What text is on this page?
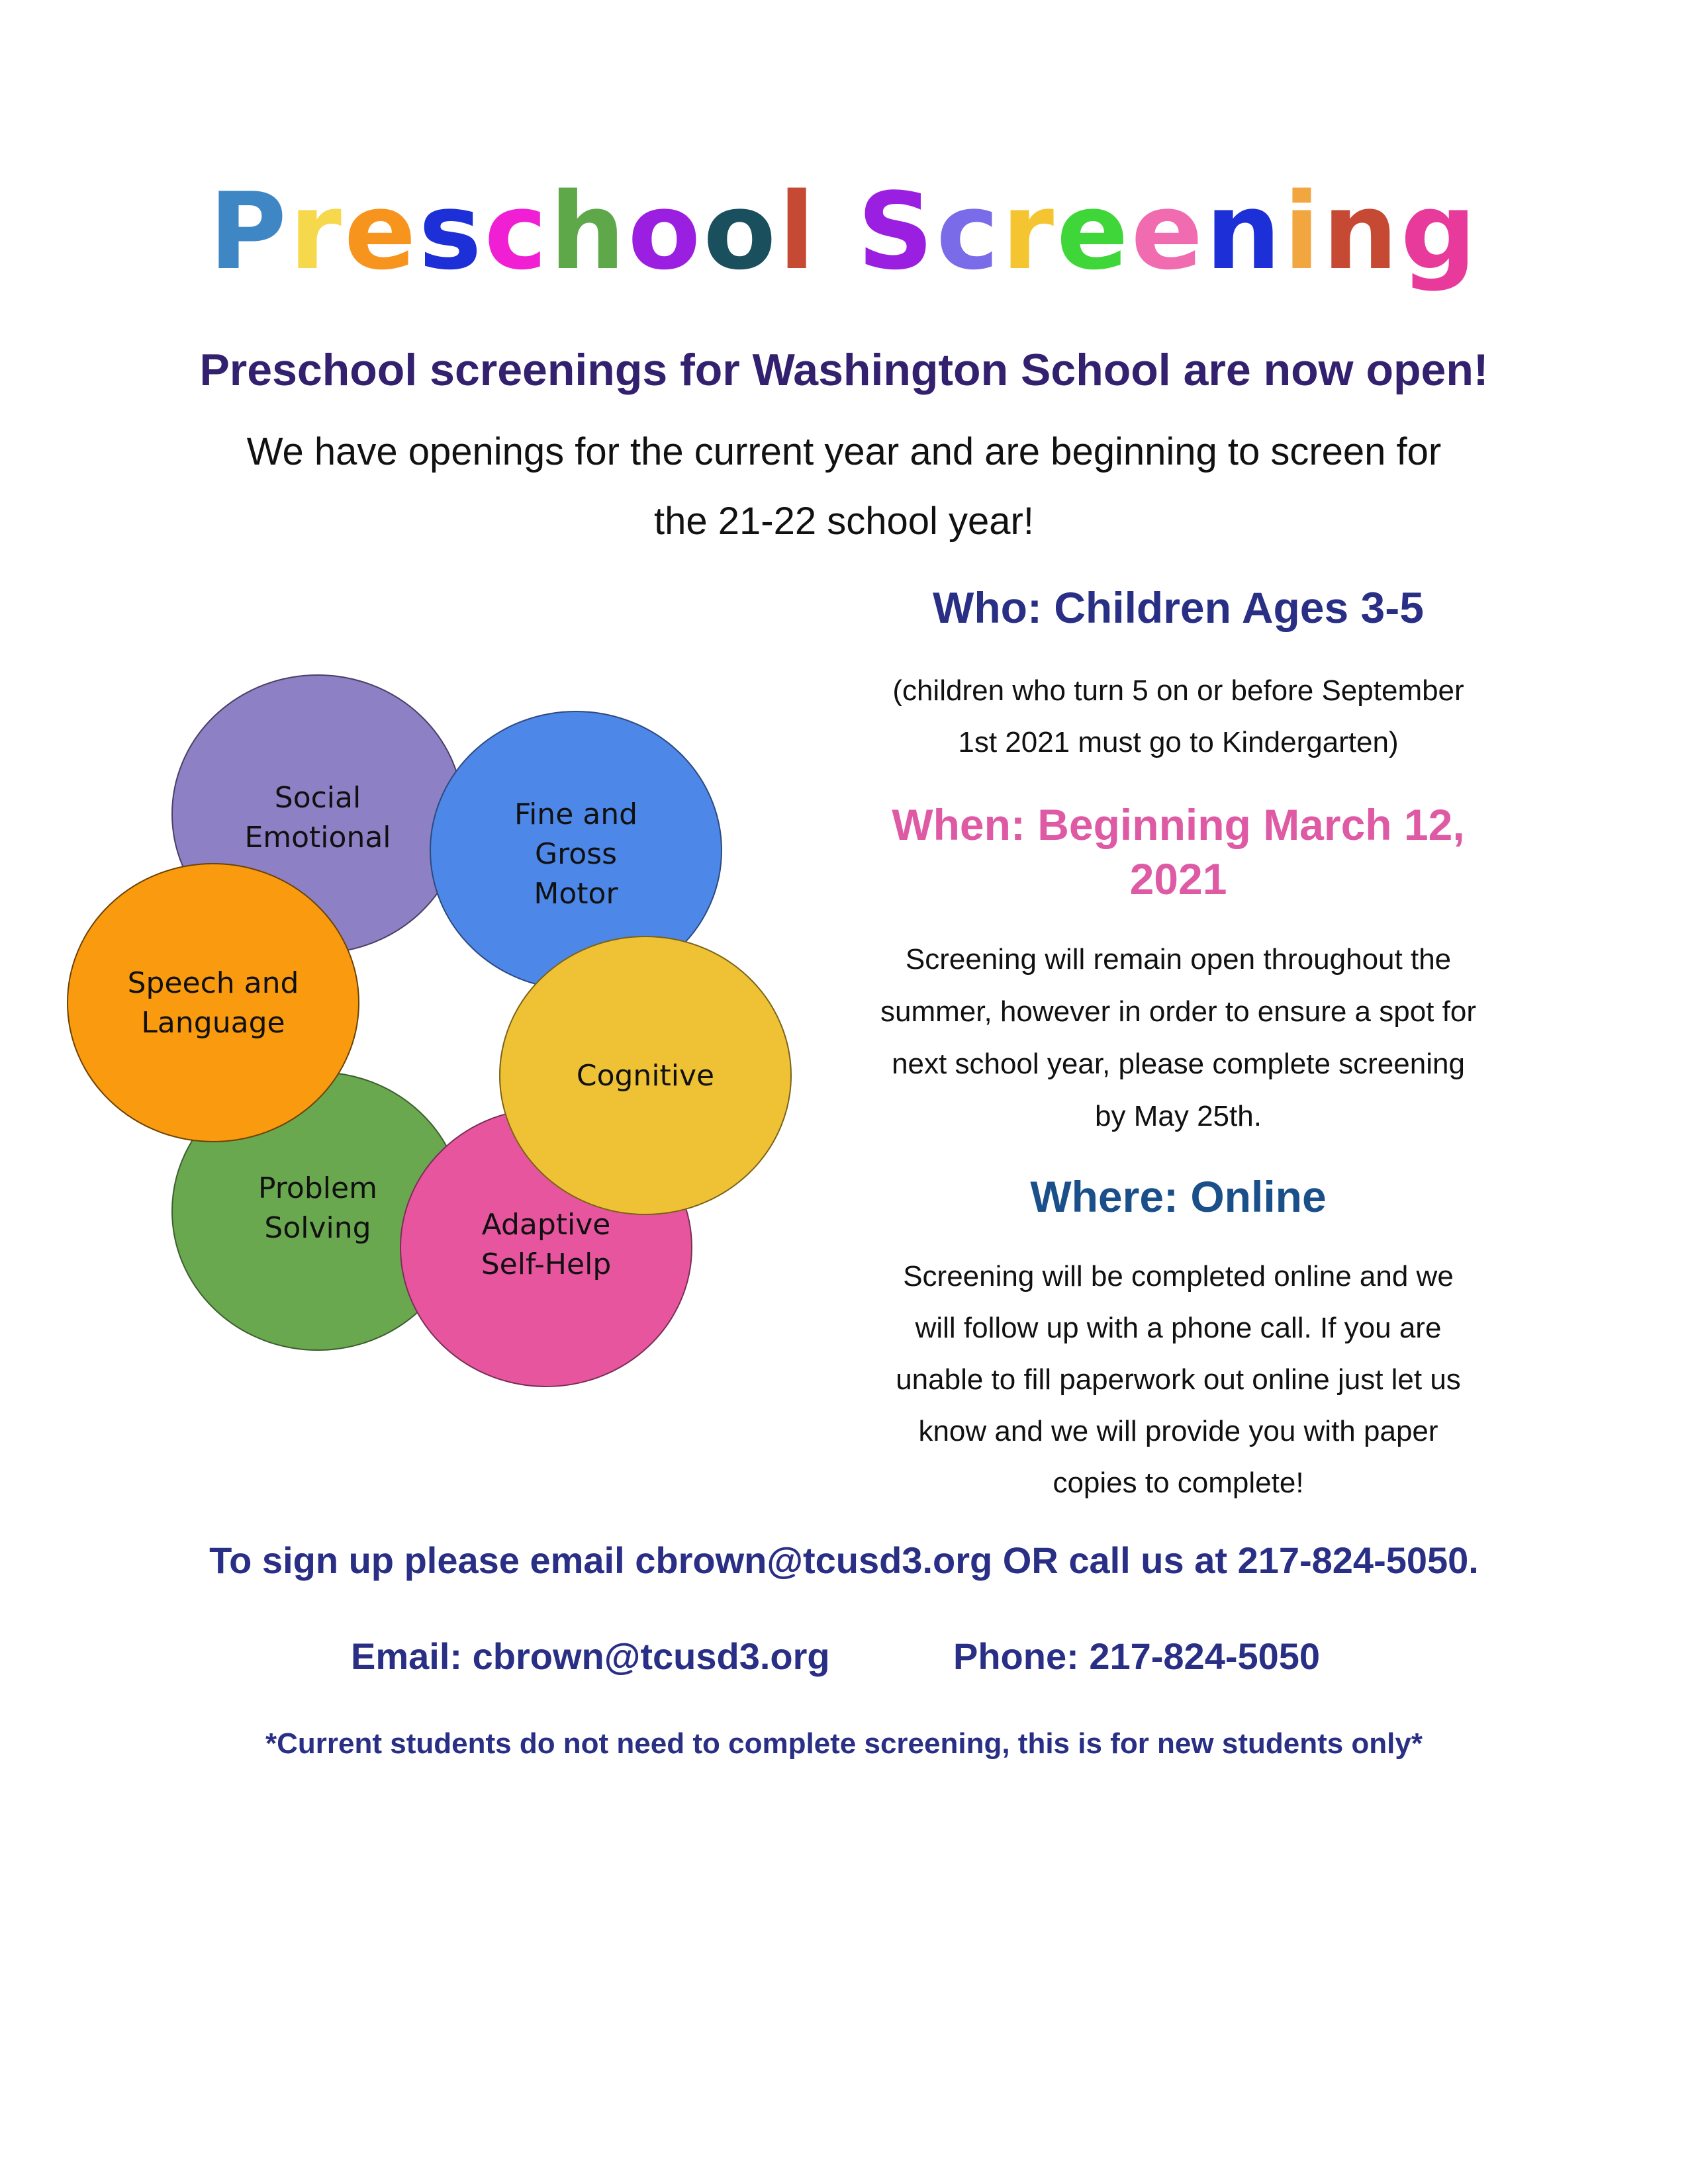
Preschool Screening
Preschool screenings for Washington School are now open!
We have openings for the current year and are beginning to screen for
the 21-22 school year!
Social
Emotional
Fine and
Gross
Motor
Problem
Solving	Adaptive
Self-Help
Speech and
Language
Cognitive
Who: Children Ages 3-5
(children who turn 5 on or before September
1st 2021 must go to Kindergarten)
When: Beginning March 12,
2021
Screening will remain open throughout the
summer, however in order to ensure a spot for
next school year, please complete screening
by May 25th.
Where: Online
Screening will be completed online and we
will follow up with a phone call. If you are
unable to fill paperwork out online just let us
know and we will provide you with paper
copies to complete!
To sign up please email cbrown@tcusd3.org OR call us at 217-824-5050.
Email: cbrown@tcusd3.org	Phone: 217-824-5050
*Current students do not need to complete screening, this is for new students only*
